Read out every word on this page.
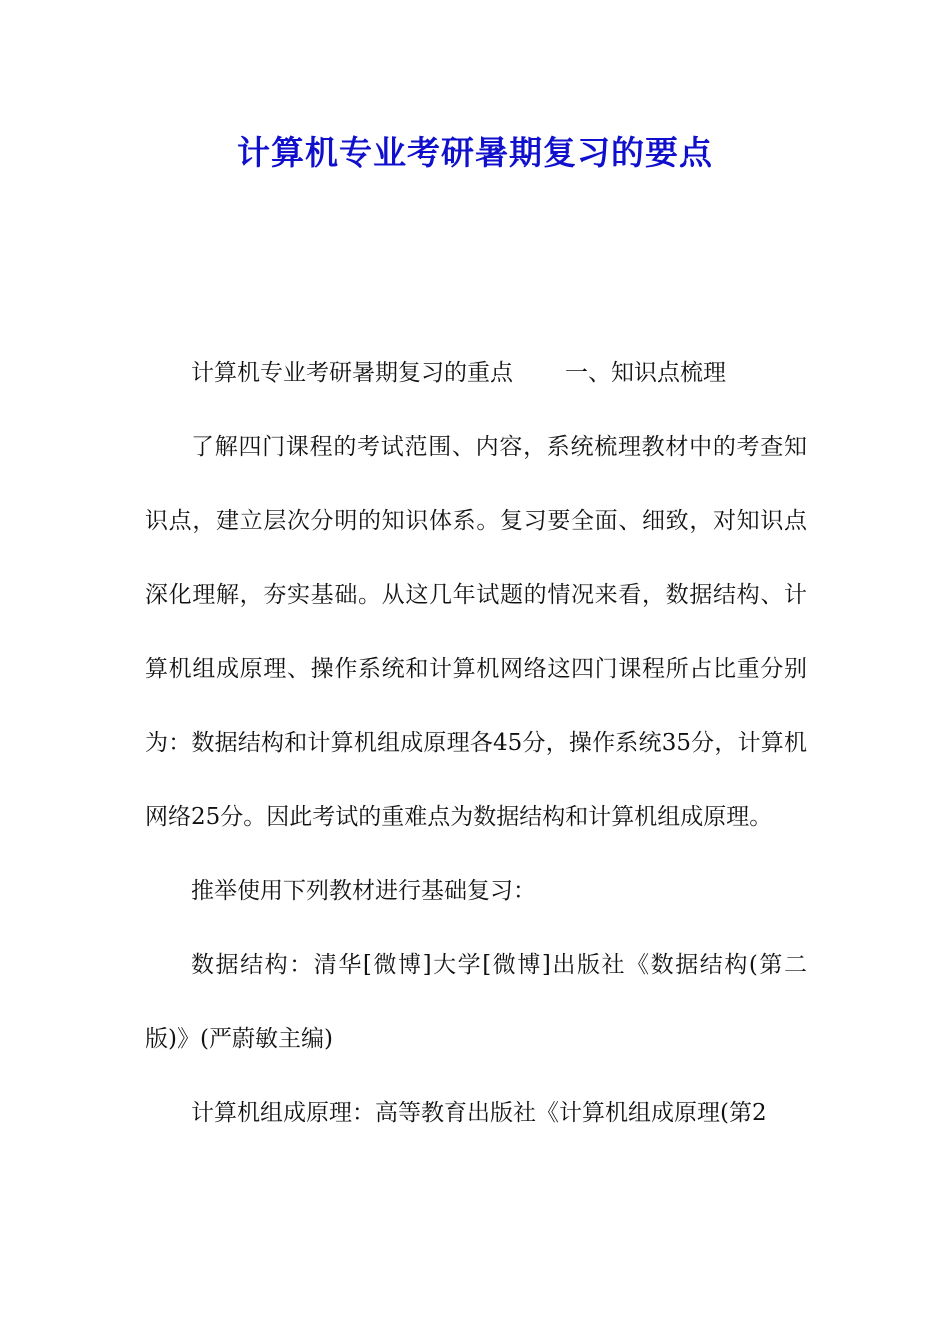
计算机专业考研暑期复习的要点

计算机专业考研暑期复习的重点 一、知识点梳理

了解四门课程的考试范围、内容，系统梳理教材中的考查知识点，建立层次分明的知识体系。复习要全面、细致，对知识点深化理解，夯实基础。从这几年试题的情况来看，数据结构、计算机组成原理、操作系统和计算机网络这四门课程所占比重分别为：数据结构和计算机组成原理各45分，操作系统35分，计算机网络25分。因此考试的重难点为数据结构和计算机组成原理。

推举使用下列教材进行基础复习：

数据结构：清华[微博]大学[微博]出版社《数据结构(第二版)》(严蔚敏主编)

计算机组成原理：高等教育出版社《计算机组成原理(第2
